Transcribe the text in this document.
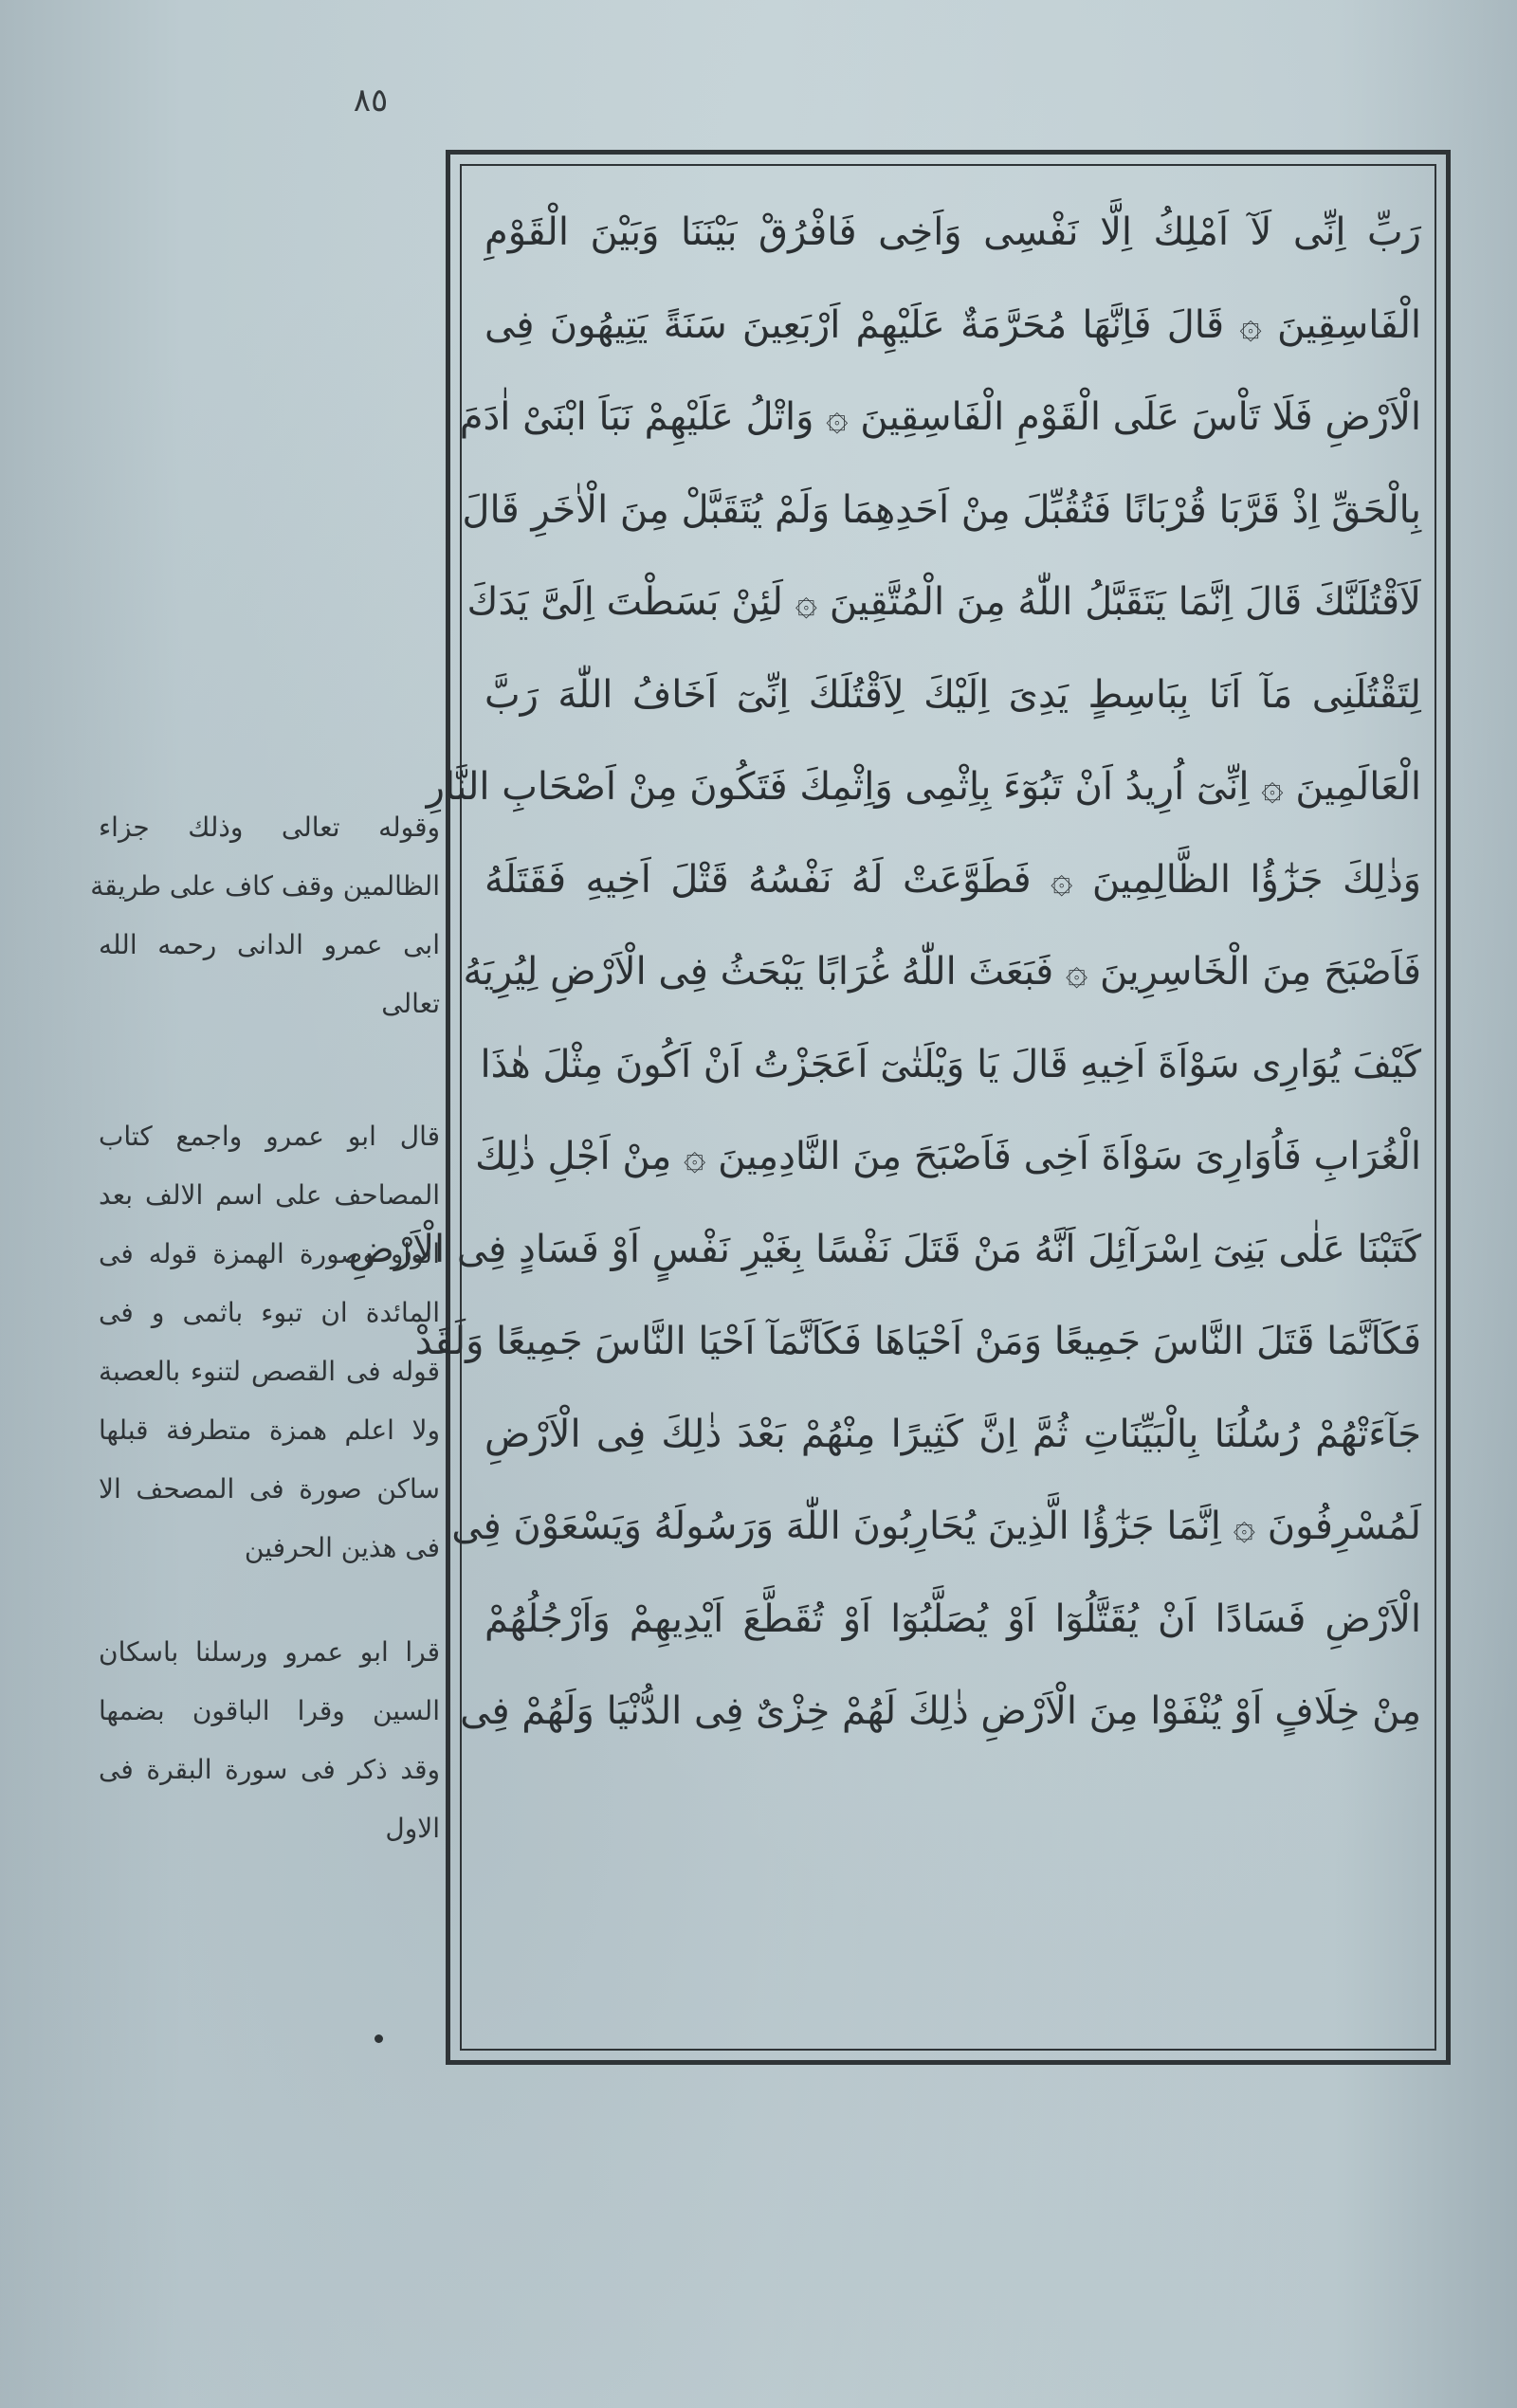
٨٥
رَبِّ اِنِّى لَآ اَمْلِكُ اِلَّا نَفْسِى وَاَخِى فَافْرُقْ بَيْنَنَا وَبَيْنَ الْقَوْمِ
الْفَاسِقِينَ ۞ قَالَ فَاِنَّهَا مُحَرَّمَةٌ عَلَيْهِمْ اَرْبَعِينَ سَنَةً يَتِيهُونَ فِى
الْاَرْضِ فَلَا تَاْسَ عَلَى الْقَوْمِ الْفَاسِقِينَ ۞ وَاتْلُ عَلَيْهِمْ نَبَاَ ابْنَىْ اٰدَمَ
بِالْحَقِّ اِذْ قَرَّبَا قُرْبَانًا فَتُقُبِّلَ مِنْ اَحَدِهِمَا وَلَمْ يُتَقَبَّلْ مِنَ الْاٰخَرِ قَالَ
لَاَقْتُلَنَّكَ قَالَ اِنَّمَا يَتَقَبَّلُ اللّٰهُ مِنَ الْمُتَّقِينَ ۞ لَئِنْ بَسَطْتَ اِلَىَّ يَدَكَ
لِتَقْتُلَنِى مَآ اَنَا بِبَاسِطٍ يَدِىَ اِلَيْكَ لِاَقْتُلَكَ اِنِّىٓ اَخَافُ اللّٰهَ رَبَّ
الْعَالَمِينَ ۞ اِنِّىٓ اُرِيدُ اَنْ تَبُوٓءَ بِاِثْمِى وَاِثْمِكَ فَتَكُونَ مِنْ اَصْحَابِ النَّارِ
وَذٰلِكَ جَزٰٓؤُا الظَّالِمِينَ ۞ فَطَوَّعَتْ لَهُ نَفْسُهُ قَتْلَ اَخِيهِ فَقَتَلَهُ
فَاَصْبَحَ مِنَ الْخَاسِرِينَ ۞ فَبَعَثَ اللّٰهُ غُرَابًا يَبْحَثُ فِى الْاَرْضِ لِيُرِيَهُ
كَيْفَ يُوَارِى سَوْاَةَ اَخِيهِ قَالَ يَا وَيْلَتٰىٓ اَعَجَزْتُ اَنْ اَكُونَ مِثْلَ هٰذَا
الْغُرَابِ فَاُوَارِىَ سَوْاَةَ اَخِى فَاَصْبَحَ مِنَ النَّادِمِينَ ۞ مِنْ اَجْلِ ذٰلِكَ
كَتَبْنَا عَلٰى بَنِىٓ اِسْرَآئِلَ اَنَّهُ مَنْ قَتَلَ نَفْسًا بِغَيْرِ نَفْسٍ اَوْ فَسَادٍ فِى الْاَرْضِ
فَكَاَنَّمَا قَتَلَ النَّاسَ جَمِيعًا وَمَنْ اَحْيَاهَا فَكَاَنَّمَآ اَحْيَا النَّاسَ جَمِيعًا وَلَقَدْ
جَآءَتْهُمْ رُسُلُنَا بِالْبَيِّنَاتِ ثُمَّ اِنَّ كَثِيرًا مِنْهُمْ بَعْدَ ذٰلِكَ فِى الْاَرْضِ
لَمُسْرِفُونَ ۞ اِنَّمَا جَزٰٓؤُا الَّذِينَ يُحَارِبُونَ اللّٰهَ وَرَسُولَهُ وَيَسْعَوْنَ فِى
الْاَرْضِ فَسَادًا اَنْ يُقَتَّلُوٓا اَوْ يُصَلَّبُوٓا اَوْ تُقَطَّعَ اَيْدِيهِمْ وَاَرْجُلُهُمْ
مِنْ خِلَافٍ اَوْ يُنْفَوْا مِنَ الْاَرْضِ ذٰلِكَ لَهُمْ خِزْىٌ فِى الدُّنْيَا وَلَهُمْ فِى
وقوله تعالى وذلك جزاء
الظالمين وقف كاف على طريقة
ابى عمرو الدانى رحمه الله
تعالى
قال ابو عمرو واجمع كتاب
المصاحف على اسم الالف بعد
الواو وصورة الهمزة قوله فى
المائدة ان تبوء باثمى و فى
قوله فى القصص لتنوء بالعصبة
ولا اعلم همزة متطرفة قبلها
ساكن صورة فى المصحف الا
فى هذين الحرفين
قرا ابو عمرو ورسلنا باسكان
السين وقرا الباقون بضمها
وقد ذكر فى سورة البقرة فى
الاول
